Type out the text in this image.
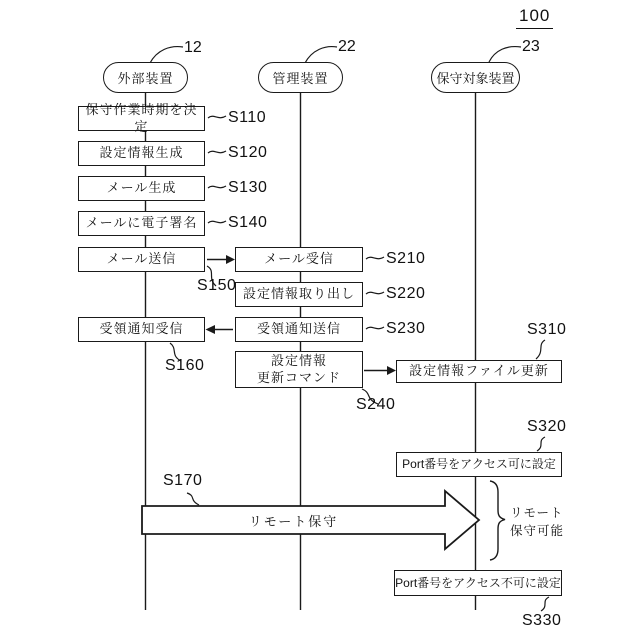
100
12	22	23
外部装置	管理装置	保守対象装置
保守作業時期を決定
設定情報生成
メール生成
メールに電子署名
メール送信
受領通知受信
メール受信
設定情報取り出し
受領通知送信
設定情報
更新コマンド	設定情報ファイル更新
Port番号をアクセス可に設定
Port番号をアクセス不可に設定
S110
S120
S130
S140
S150
S160
S210
S220
S230
S240
S310
S320
S330
S170
リモート保守
リモート
保守可能
